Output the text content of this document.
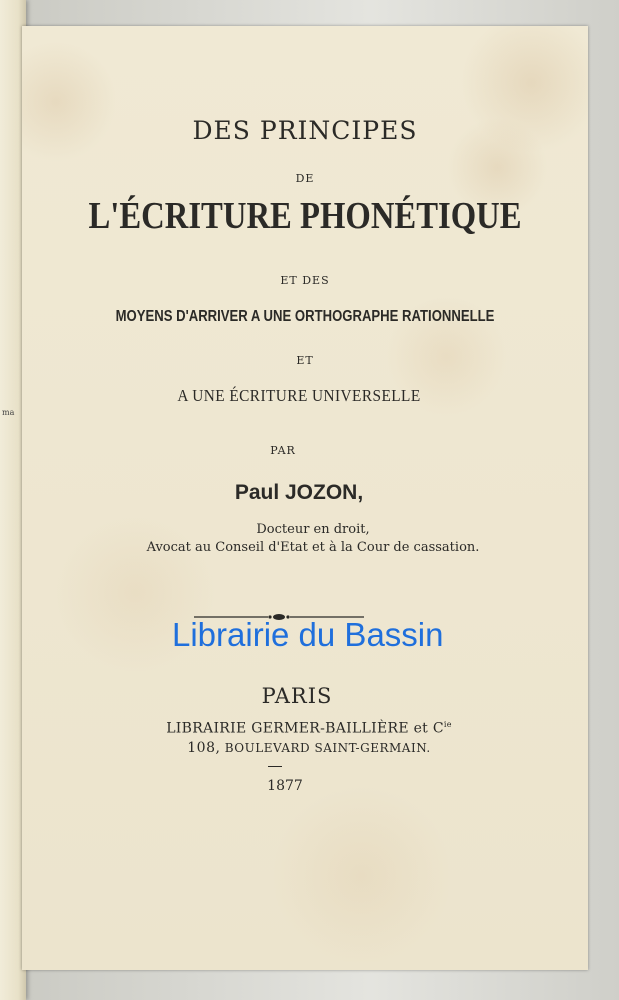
ma
DES PRINCIPES
DE
L'ÉCRITURE PHONÉTIQUE
ET DES
MOYENS D'ARRIVER A UNE ORTHOGRAPHE RATIONNELLE
ET
A UNE ÉCRITURE UNIVERSELLE
PAR
Paul JOZON,
Docteur en droit,
Avocat au Conseil d'Etat et à la Cour de cassation.
Librairie du Bassin
PARIS
LIBRAIRIE GERMER-BAILLIÈRE et $C^{ie}$
108, BOULEVARD SAINT-GERMAIN.
1877
